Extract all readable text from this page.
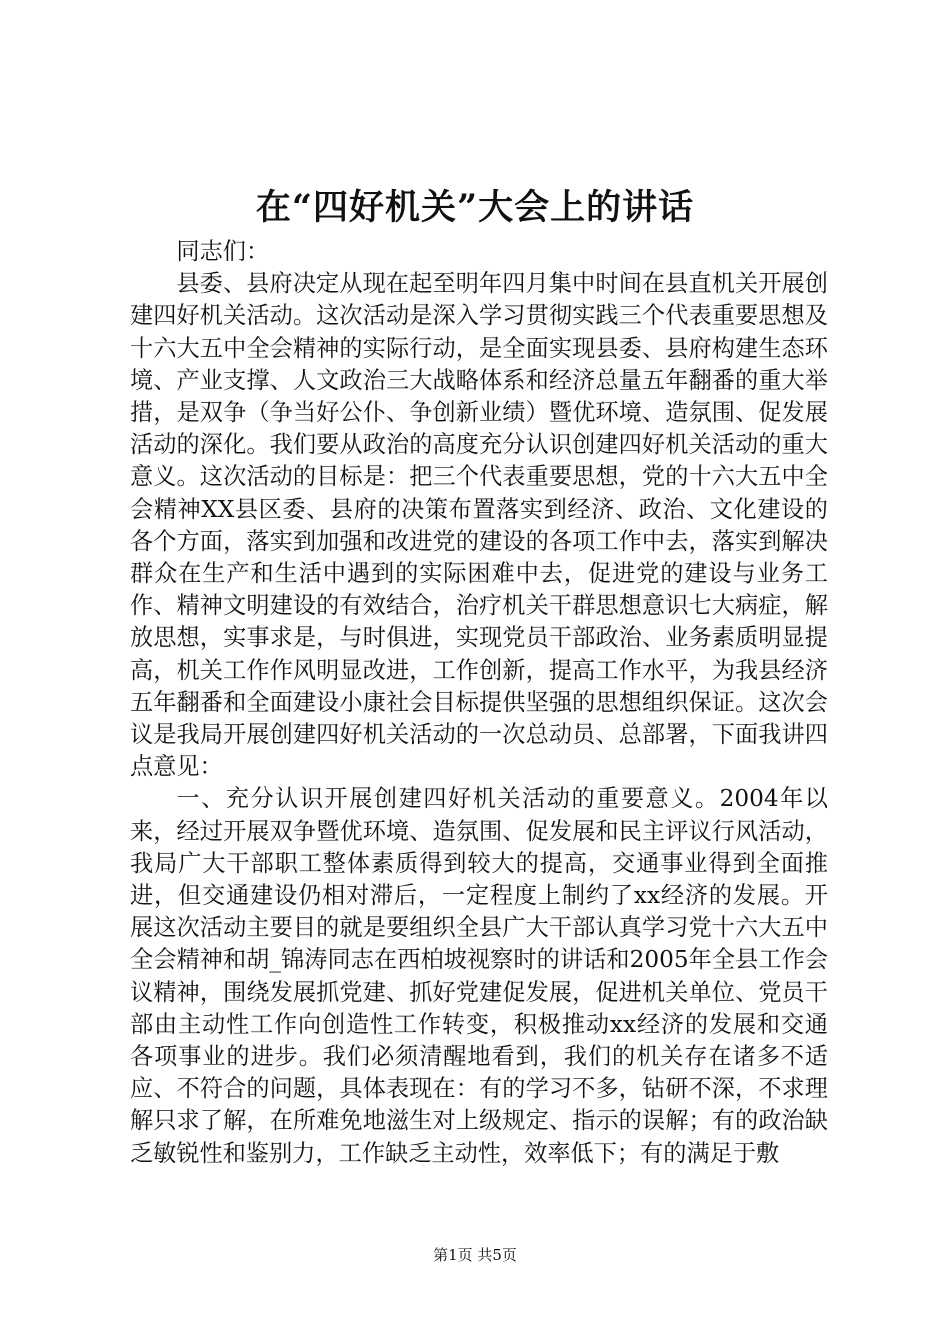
在“四好机关”大会上的讲话

同志们：

县委、县府决定从现在起至明年四月集中时间在县直机关开展创建四好机关活动。这次活动是深入学习贯彻实践三个代表重要思想及十六大五中全会精神的实际行动，是全面实现县委、县府构建生态环境、产业支撑、人文政治三大战略体系和经济总量五年翻番的重大举措，是双争（争当好公仆、争创新业绩）暨优环境、造氛围、促发展活动的深化。我们要从政治的高度充分认识创建四好机关活动的重大意义。这次活动的目标是：把三个代表重要思想，党的十六大五中全会精神XX县区委、县府的决策布置落实到经济、政治、文化建设的各个方面，落实到加强和改进党的建设的各项工作中去，落实到解决群众在生产和生活中遇到的实际困难中去，促进党的建设与业务工作、精神文明建设的有效结合，治疗机关干群思想意识七大病症，解放思想，实事求是，与时俱进，实现党员干部政治、业务素质明显提高，机关工作作风明显改进，工作创新，提高工作水平，为我县经济五年翻番和全面建设小康社会目标提供坚强的思想组织保证。这次会议是我局开展创建四好机关活动的一次总动员、总部署，下面我讲四点意见：

一、充分认识开展创建四好机关活动的重要意义。2004年以来，经过开展双争暨优环境、造氛围、促发展和民主评议行风活动，我局广大干部职工整体素质得到较大的提高，交通事业得到全面推进，但交通建设仍相对滞后，一定程度上制约了xx经济的发展。开展这次活动主要目的就是要组织全县广大干部认真学习党十六大五中全会精神和胡_锦涛同志在西柏坡视察时的讲话和2005年全县工作会议精神，围绕发展抓党建、抓好党建促发展，促进机关单位、党员干部由主动性工作向创造性工作转变，积极推动xx经济的发展和交通各项事业的进步。我们必须清醒地看到，我们的机关存在诸多不适应、不符合的问题，具体表现在：有的学习不多，钻研不深，不求理解只求了解，在所难免地滋生对上级规定、指示的误解；有的政治缺乏敏锐性和鉴别力，工作缺乏主动性，效率低下；有的满足于敷

第1页 共5页
